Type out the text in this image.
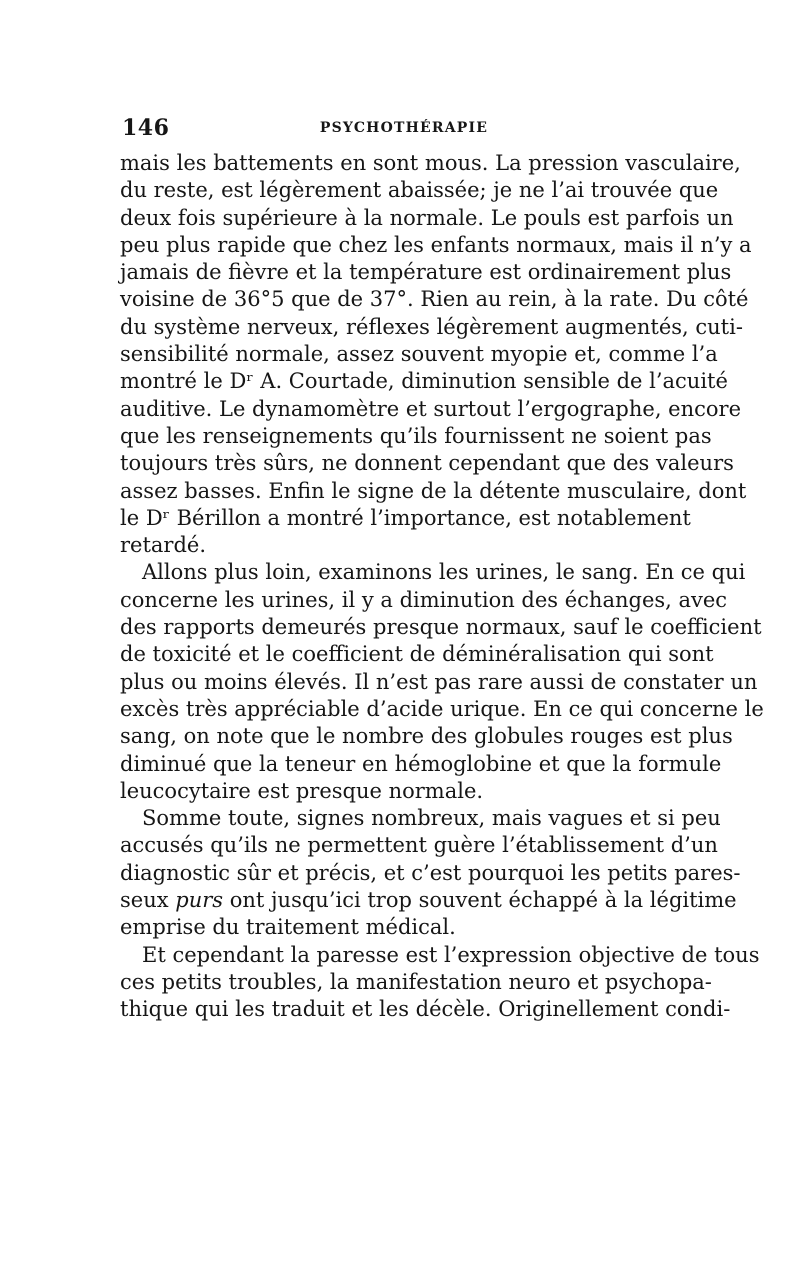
146	PSYCHOTHÉRAPIE
mais les battements en sont mous. La pression vasculaire,
du reste, est légèrement abaissée; je ne l’ai trouvée que
deux fois supérieure à la normale. Le pouls est parfois un
peu plus rapide que chez les enfants normaux, mais il n’y a
jamais de fièvre et la température est ordinairement plus
voisine de 36°5 que de 37°. Rien au rein, à la rate. Du côté
du système nerveux, réflexes légèrement augmentés, cuti-
sensibilité normale, assez souvent myopie et, comme l’a
montré le Dʳ A. Courtade, diminution sensible de l’acuité
auditive. Le dynamomètre et surtout l’ergographe, encore
que les renseignements qu’ils fournissent ne soient pas
toujours très sûrs, ne donnent cependant que des valeurs
assez basses. Enfin le signe de la détente musculaire, dont
le Dʳ Bérillon a montré l’importance, est notablement
retardé.
Allons plus loin, examinons les urines, le sang. En ce qui
concerne les urines, il y a diminution des échanges, avec
des rapports demeurés presque normaux, sauf le coefficient
de toxicité et le coefficient de déminéralisation qui sont
plus ou moins élevés. Il n’est pas rare aussi de constater un
excès très appréciable d’acide urique. En ce qui concerne le
sang, on note que le nombre des globules rouges est plus
diminué que la teneur en hémoglobine et que la formule
leucocytaire est presque normale.
Somme toute, signes nombreux, mais vagues et si peu
accusés qu’ils ne permettent guère l’établissement d’un
diagnostic sûr et précis, et c’est pourquoi les petits pares-
seux purs ont jusqu’ici trop souvent échappé à la légitime
emprise du traitement médical.
Et cependant la paresse est l’expression objective de tous
ces petits troubles, la manifestation neuro et psychopa-
thique qui les traduit et les décèle. Originellement condi-
